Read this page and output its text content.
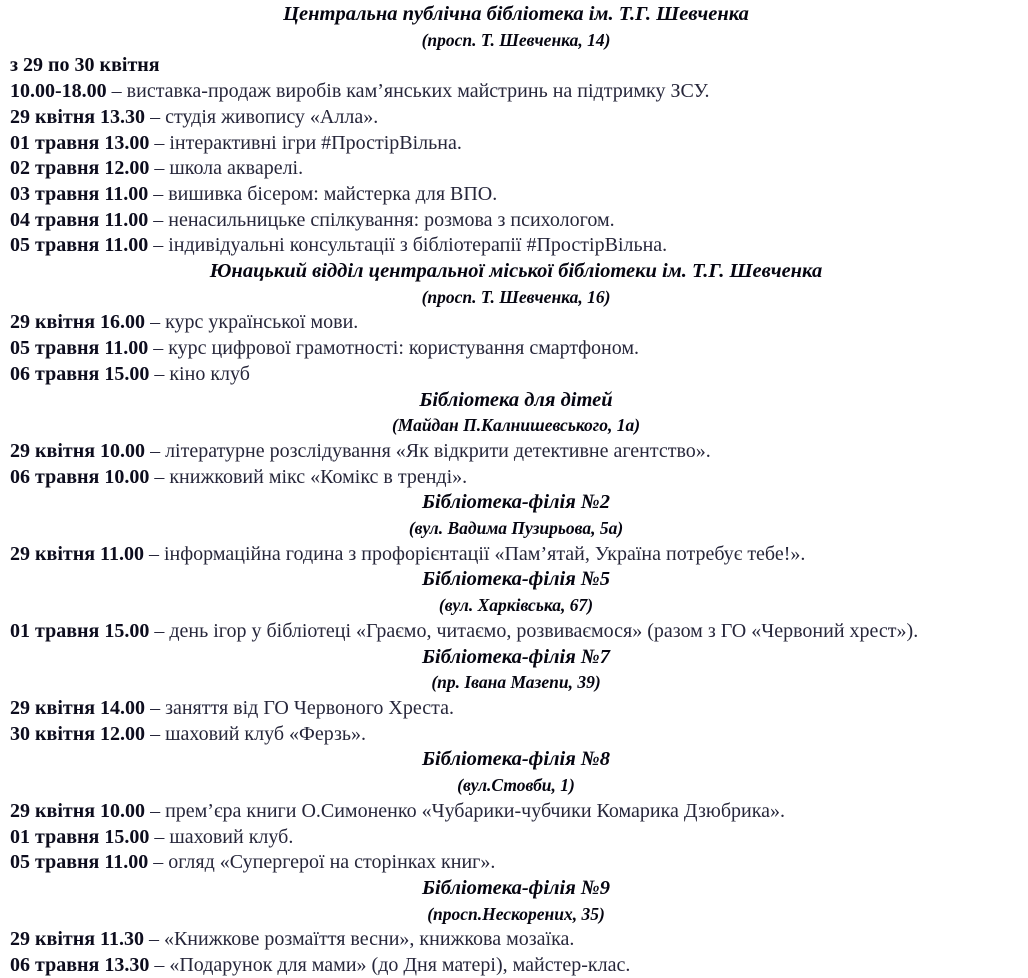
Центральна публічна бібліотека ім. Т.Г. Шевченка
(просп. Т. Шевченка, 14)
з 29 по 30 квітня
10.00-18.00 – виставка-продаж виробів кам’янських майстринь на підтримку ЗСУ.
29 квітня 13.30 – студія живопису «Алла».
01 травня 13.00 – інтерактивні ігри #ПростірВільна.
02 травня 12.00 – школа акварелі.
03 травня 11.00 – вишивка бісером: майстерка для ВПО.
04 травня 11.00 – ненасильницьке спілкування: розмова з психологом.
05 травня 11.00 – індивідуальні консультації з бібліотерапії #ПростірВільна.
Юнацький відділ центральної міської бібліотеки ім. Т.Г. Шевченка
(просп. Т. Шевченка, 16)
29 квітня 16.00 – курс української мови.
05 травня 11.00 – курс цифрової грамотності: користування смартфоном.
06 травня 15.00 – кіно клуб
Бібліотека для дітей
(Майдан П.Калнишевського, 1а)
29 квітня 10.00 – літературне розслідування «Як відкрити детективне агентство».
06 травня 10.00 – книжковий мікс «Комікс в тренді».
Бібліотека-філія №2
(вул. Вадима Пузирьова, 5а)
29 квітня 11.00 – інформаційна година з профорієнтації «Пам’ятай, Україна потребує тебе!».
Бібліотека-філія №5
(вул. Харківська, 67)
01 травня 15.00 – день ігор у бібліотеці «Граємо, читаємо, розвиваємося» (разом з ГО «Червоний хрест»).
Бібліотека-філія №7
(пр. Івана Мазепи, 39)
29 квітня 14.00 – заняття від ГО Червоного Хреста.
30 квітня 12.00 – шаховий клуб «Ферзь».
Бібліотека-філія №8
(вул.Стовби, 1)
29 квітня 10.00 – прем’єра книги О.Симоненко «Чубарики-чубчики Комарика Дзюбрика».
01 травня 15.00 – шаховий клуб.
05 травня 11.00 – огляд «Супергерої на сторінках книг».
Бібліотека-філія №9
(просп.Нескорених, 35)
29 квітня 11.30 – «Книжкове розмаїття весни», книжкова мозаїка.
06 травня 13.30 – «Подарунок для мами» (до Дня матері), майстер-клас.
